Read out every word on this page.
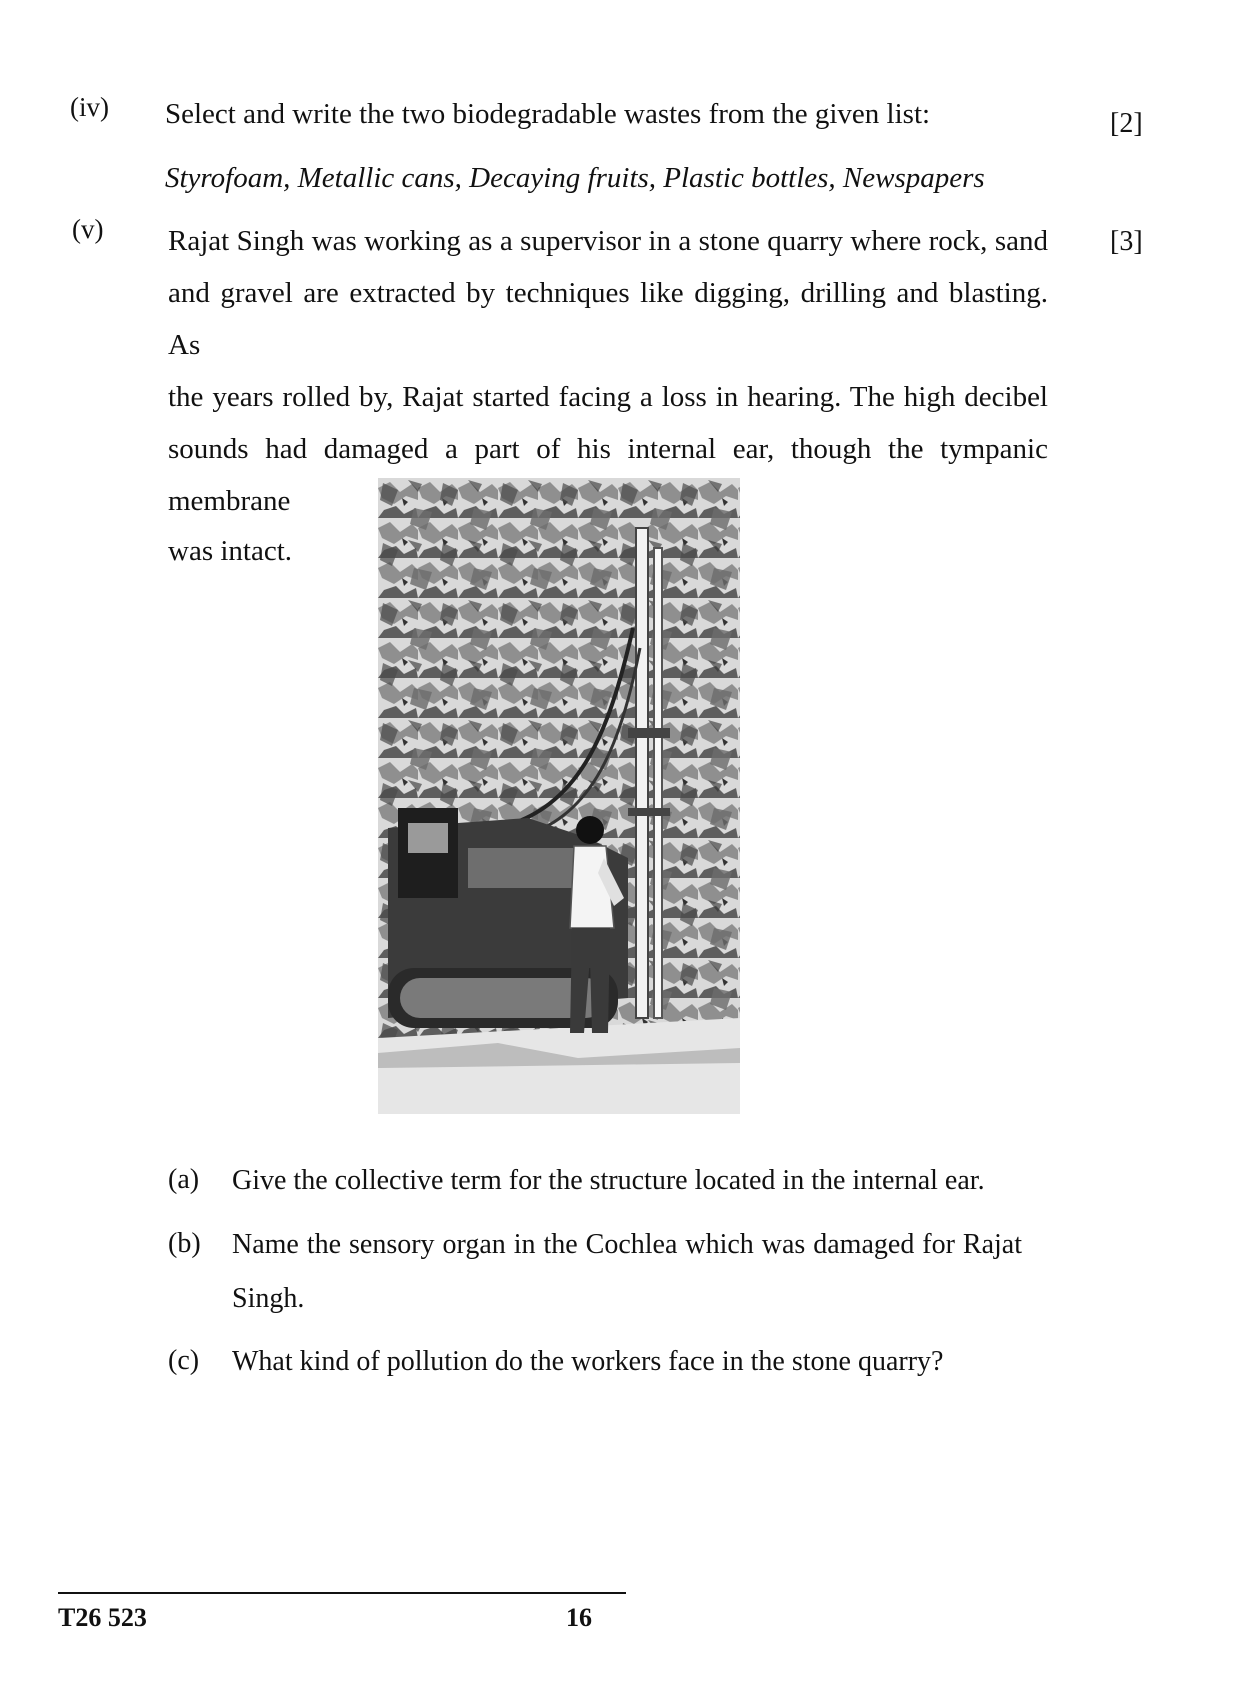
(iv) Select and write the two biodegradable wastes from the given list:	[2]
Styrofoam, Metallic cans, Decaying fruits, Plastic bottles, Newspapers
(v)	[3]
Rajat Singh was working as a supervisor in a stone quarry where rock, sand
and gravel are extracted by techniques like digging, drilling and blasting. As
the years rolled by, Rajat started facing a loss in hearing. The high decibel
sounds had damaged a part of his internal ear, though the tympanic membrane
was intact.
(a) Give the collective term for the structure located in the internal ear.
(b) Name the sensory organ in the Cochlea which was damaged for Rajat
Singh.
(c) What kind of pollution do the workers face in the stone quarry?
T26 523	16
